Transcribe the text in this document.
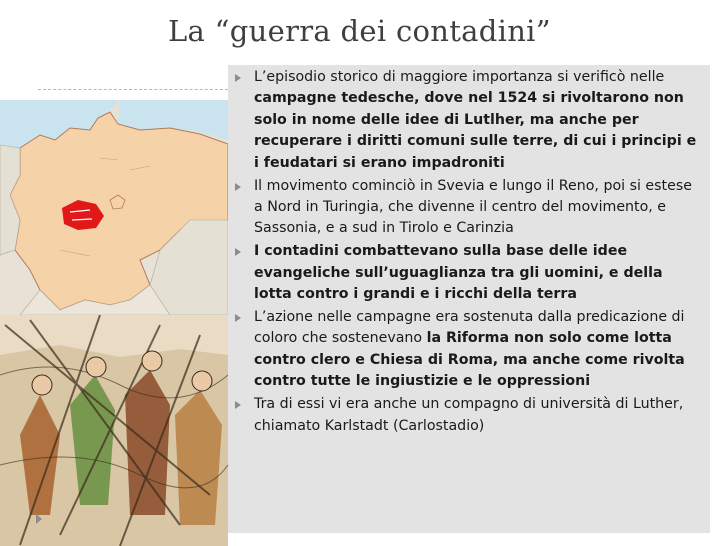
La “guerra dei contadini”
L’episodio storico di maggiore importanza si verificò nelle campagne tedesche, dove nel 1524 si rivoltarono non solo in nome delle idee di Lutlher, ma anche per recuperare i diritti comuni sulle terre, di cui i principi e i feudatari si erano impadroniti
Il movimento cominciò in Svevia e lungo il Reno, poi si estese a Nord in Turingia, che divenne il centro del movimento, e Sassonia, e a sud in Tirolo e Carinzia
I contadini combattevano sulla base delle idee evangeliche sull’uguaglianza tra gli uomini, e della lotta contro i grandi e i ricchi della terra
L’azione nelle campagne era sostenuta dalla predicazione di coloro che sostenevano la Riforma non solo come lotta contro clero e Chiesa di Roma, ma anche come rivolta contro tutte le ingiustizie e le oppressioni
Tra di essi vi era anche un compagno di università di Luther, chiamato Karlstadt (Carlostadio)
